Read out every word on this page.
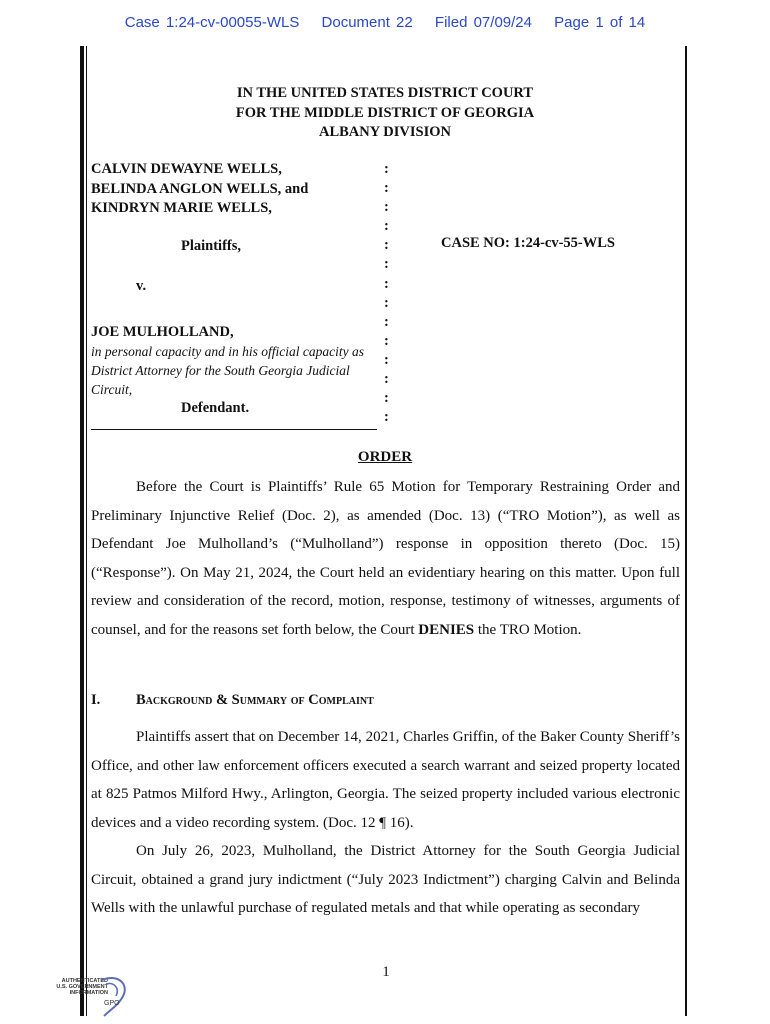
Case 1:24-cv-00055-WLS Document 22 Filed 07/09/24 Page 1 of 14
IN THE UNITED STATES DISTRICT COURT
FOR THE MIDDLE DISTRICT OF GEORGIA
ALBANY DIVISION
CALVIN DEWAYNE WELLS,
BELINDA ANGLON WELLS, and
KINDRYN MARIE WELLS,
Plaintiffs,
v.
JOE MULHOLLAND,
in personal capacity and in his official capacity as District Attorney for the South Georgia Judicial Circuit,
Defendant.
:
:
:
:
:
:
:
:
:
:
:
:
:
:
CASE NO: 1:24-cv-55-WLS
ORDER

Before the Court is Plaintiffs’ Rule 65 Motion for Temporary Restraining Order and Preliminary Injunctive Relief (Doc. 2), as amended (Doc. 13) (“TRO Motion”), as well as Defendant Joe Mulholland’s (“Mulholland”) response in opposition thereto (Doc. 15) (“Response”). On May 21, 2024, the Court held an evidentiary hearing on this matter. Upon full review and consideration of the record, motion, response, testimony of witnesses, arguments of counsel, and for the reasons set forth below, the Court DENIES the TRO Motion.

I. Background & Summary of Complaint

Plaintiffs assert that on December 14, 2021, Charles Griffin, of the Baker County Sheriff’s Office, and other law enforcement officers executed a search warrant and seized property located at 825 Patmos Milford Hwy., Arlington, Georgia. The seized property included various electronic devices and a video recording system. (Doc. 12 ¶ 16).

On July 26, 2023, Mulholland, the District Attorney for the South Georgia Judicial Circuit, obtained a grand jury indictment (“July 2023 Indictment”) charging Calvin and Belinda Wells with the unlawful purchase of regulated metals and that while operating as secondary

1
AUTHENTICATED
U.S. GOVERNMENT
INFORMATION
GPO
